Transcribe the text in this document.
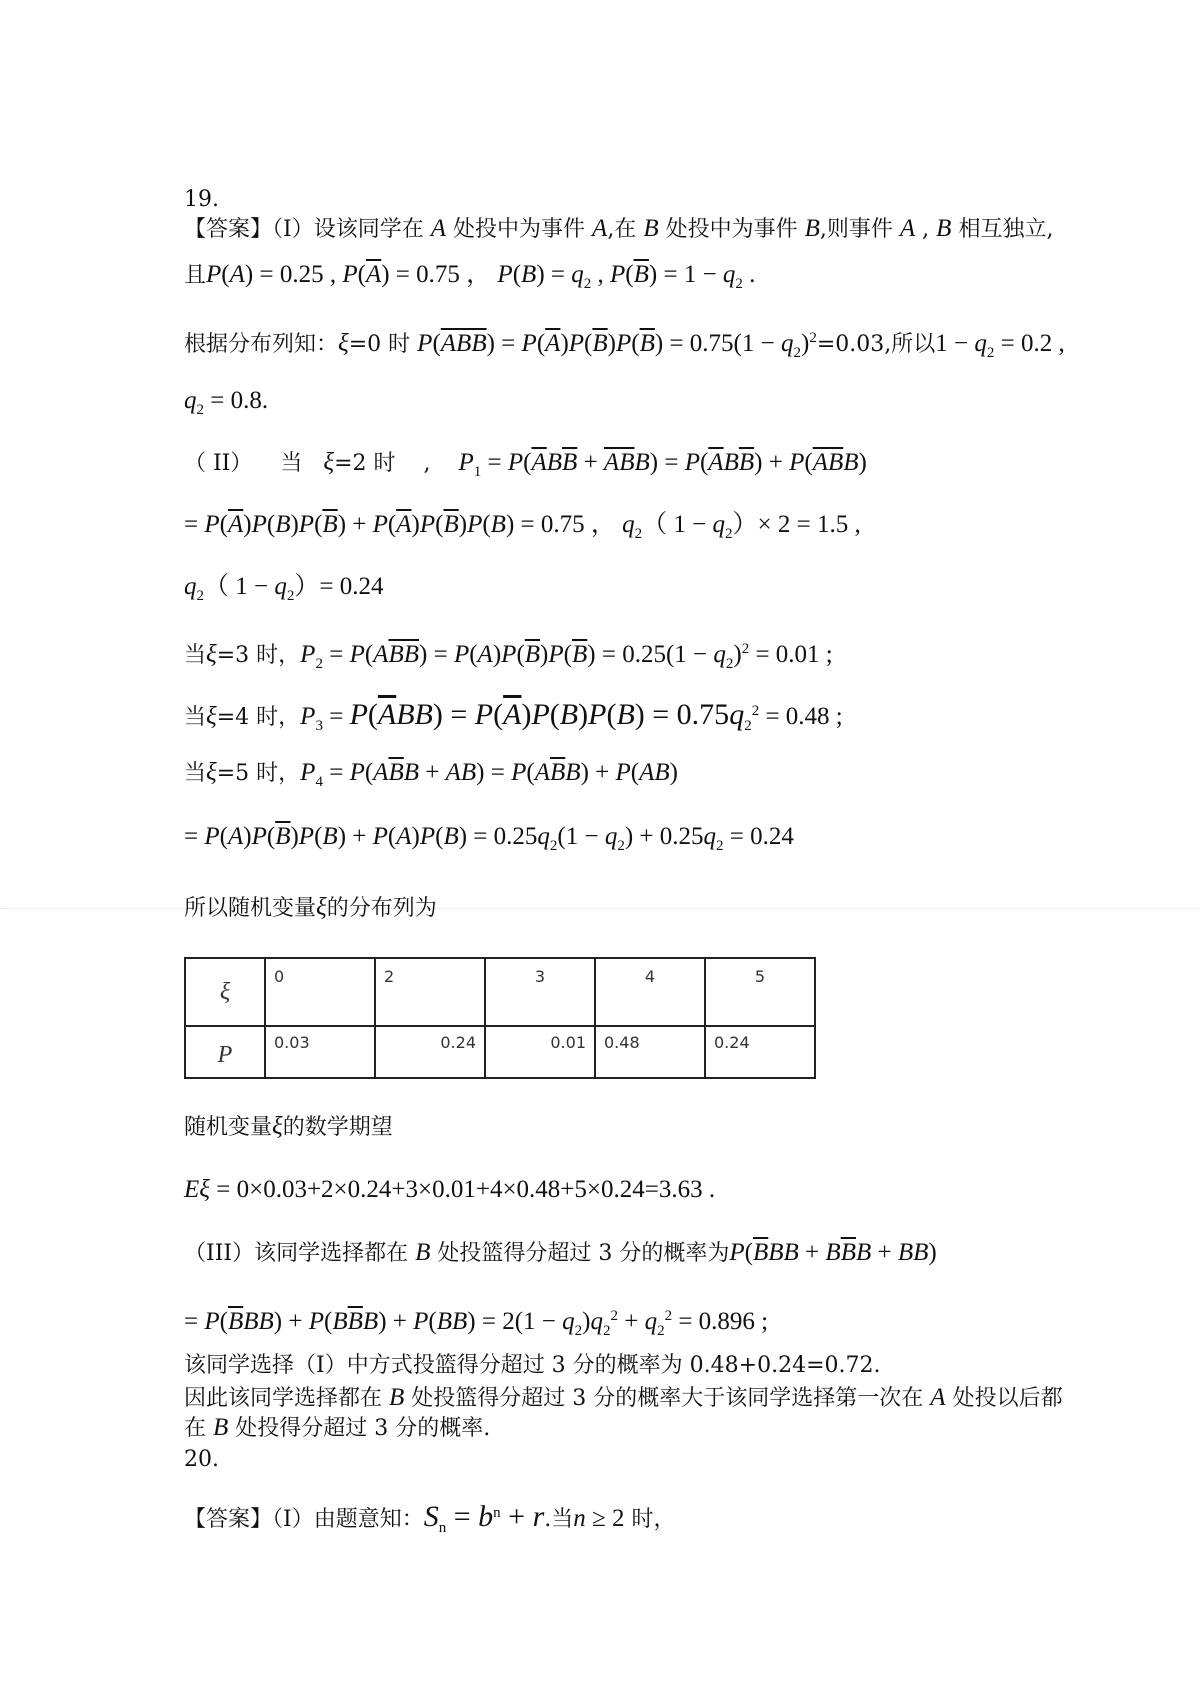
19.
【答案】（I）设该同学在 A 处投中为事件 A,在 B 处投中为事件 B,则事件 A , B 相互独立,
且P(A) = 0.25 , $P(\overline{A}) = 0.75$ ， $P(B) = q_2$ , $P(\overline{B}) = 1 - q_2$ .
根据分布列知：ξ=0 时 $P(\overline{ABB}) = P(\overline{A})P(\overline{B})P(\overline{B}) = 0.75(1 - q_2)^2=0.03$,所以$1 - q_2 = 0.2$ ,
$q_2 = 0.8$.
（ II） 当 ξ=2 时    ,    $P_1 = P(\overline{A}B\overline{B} + \overline{AB}B) = P(\overline{A}B\overline{B}) + P(\overline{AB}B)$
= $P(\overline{A})P(B)P(\overline{B}) + P(\overline{A})P(\overline{B})P(B) = 0.75$ ， $q_2$（ $1 - q_2)\times 2 = 1.5$ ,
$q_2$（ $1 - q_2)= 0.24$
当ξ=3 时，$P_2 = P(A\overline{BB}) = P(A)P(\overline{B})P(\overline{B}) = 0.25(1 - q_2)^2 = 0.01$ ;
当ξ=4 时，$P_3 = P(\overline{A}BB) = P(\overline{A})P(B)P(B) = 0.75q_2^2 = 0.48$ ;
当ξ=5 时，$P_4 = P(A\overline{B}B + AB) = P(A\overline{B}B) + P(AB)$
= $P(A)P(\overline{B})P(B) + P(A)P(B) = 0.25q_2(1 - q_2) + 0.25q_2 = 0.24$
所以随机变量ξ的分布列为
ξ	0	2	3	4	5
P	0.03	0.24	0.01	0.48	0.24
随机变量ξ的数学期望
Eξ = 0×0.03+2×0.24+3×0.01+4×0.48+5×0.24=3.63 .
（III）该同学选择都在 B 处投篮得分超过 3 分的概率为$P(\overline{B}BB + B\overline{B}B + BB)$
= $P(\overline{B}BB) + P(B\overline{B}B) + P(BB) = 2(1 - q_2)q_2^2 + q_2^2 = 0.896$ ;
该同学选择（I）中方式投篮得分超过 3 分的概率为 0.48+0.24=0.72.
因此该同学选择都在 B 处投篮得分超过 3 分的概率大于该同学选择第一次在 A 处投以后都
在 B 处投得分超过 3 分的概率.
20.
【答案】（I）由题意知：$S_n = b^n + r$.当n ≥ 2 时，
